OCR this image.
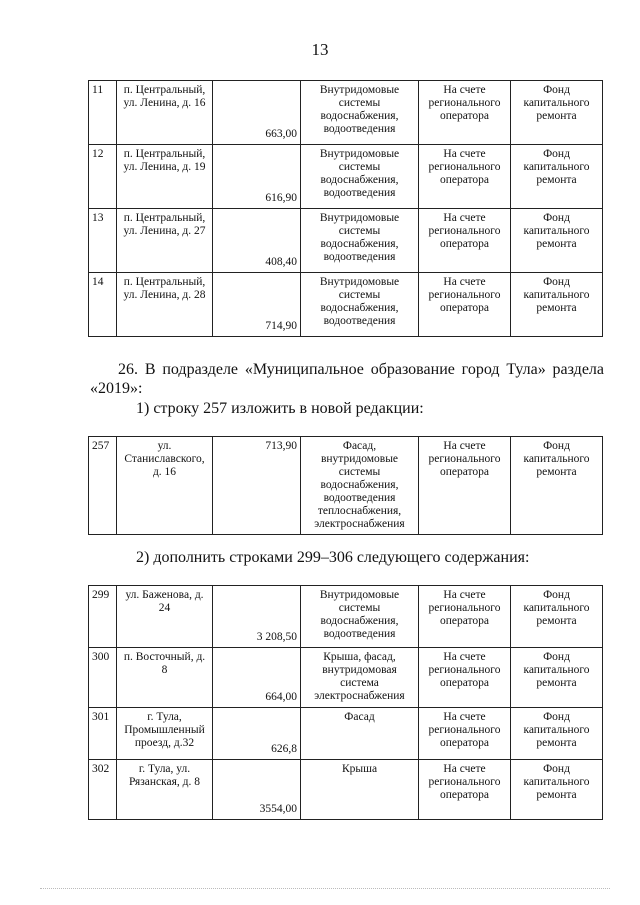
13
11	п. Центральный, ул. Ленина, д. 16	663,00	Внутридомовые системы водоснабжения, водоотведения	На счете регионального оператора	Фонд капитального ремонта
12	п. Центральный, ул. Ленина, д. 19	616,90	Внутридомовые системы водоснабжения, водоотведения	На счете регионального оператора	Фонд капитального ремонта
13	п. Центральный, ул. Ленина, д. 27	408,40	Внутридомовые системы водоснабжения, водоотведения	На счете регионального оператора	Фонд капитального ремонта
14	п. Центральный, ул. Ленина, д. 28	714,90	Внутридомовые системы водоснабжения, водоотведения	На счете регионального оператора	Фонд капитального ремонта
26. В подразделе «Муниципальное образование город Тула» раздела
«2019»:
1) строку 257 изложить в новой редакции:
257	ул. Станиславского, д. 16	713,90	Фасад, внутридомовые системы водоснабжения, водоотведения теплоснабжения, электроснабжения	На счете регионального оператора	Фонд капитального ремонта
2) дополнить строками 299–306 следующего содержания:
299	ул. Баженова, д. 24	3 208,50	Внутридомовые системы водоснабжения, водоотведения	На счете регионального оператора	Фонд капитального ремонта
300	п. Восточный, д. 8	664,00	Крыша, фасад, внутридомовая система электроснабжения	На счете регионального оператора	Фонд капитального ремонта
301	г. Тула, Промышленный проезд, д.32	626,8	Фасад	На счете регионального оператора	Фонд капитального ремонта
302	г. Тула, ул. Рязанская, д. 8	3554,00	Крыша	На счете регионального оператора	Фонд капитального ремонта
